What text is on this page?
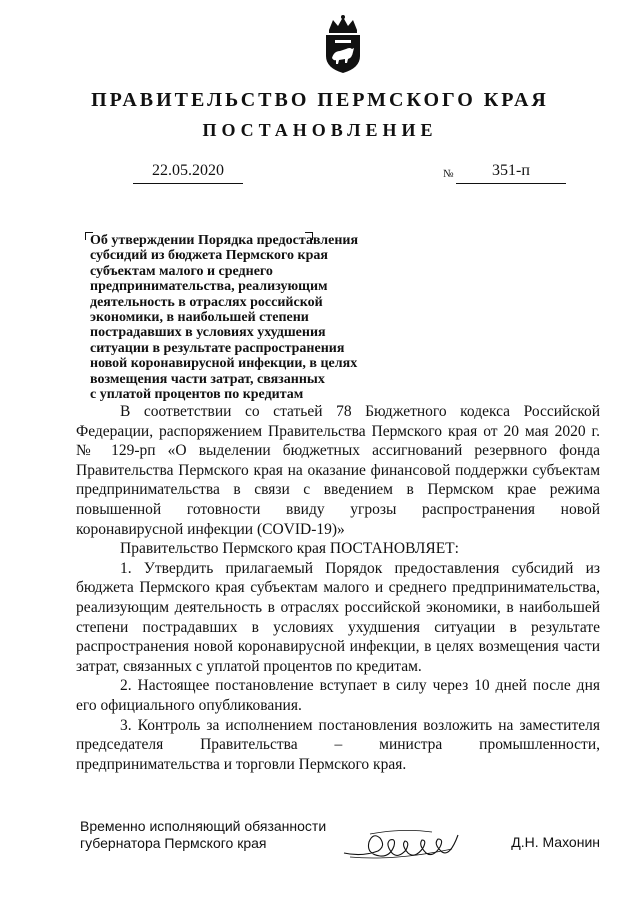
ПРАВИТЕЛЬСТВО ПЕРМСКОГО КРАЯ
ПОСТАНОВЛЕНИЕ
22.05.2020	№	351-п
Об утверждении Порядка предоставления
субсидий из бюджета Пермского края
субъектам малого и среднего
предпринимательства, реализующим
деятельность в отраслях российской
экономики, в наибольшей степени
пострадавших в условиях ухудшения
ситуации в результате распространения
новой коронавирусной инфекции, в целях
возмещения части затрат, связанных
с уплатой процентов по кредитам

В соответствии со статьей 78 Бюджетного кодекса Российской Федерации, распоряжением Правительства Пермского края от 20 мая 2020 г. № 129-рп «О выделении бюджетных ассигнований резервного фонда Правительства Пермского края на оказание финансовой поддержки субъектам предпринимательства в связи с введением в Пермском крае режима повышенной готовности ввиду угрозы распространения новой коронавирусной инфекции (COVID-19)»

Правительство Пермского края ПОСТАНОВЛЯЕТ:

1. Утвердить прилагаемый Порядок предоставления субсидий из бюджета Пермского края субъектам малого и среднего предпринимательства, реализующим деятельность в отраслях российской экономики, в наибольшей степени пострадавших в условиях ухудшения ситуации в результате распространения новой коронавирусной инфекции, в целях возмещения части затрат, связанных с уплатой процентов по кредитам.

2. Настоящее постановление вступает в силу через 10 дней после дня его официального опубликования.

3. Контроль за исполнением постановления возложить на заместителя председателя Правительства – министра промышленности, предпринимательства и торговли Пермского края.

Временно исполняющий обязанности
губернатора Пермского края	Д.Н. Махонин
